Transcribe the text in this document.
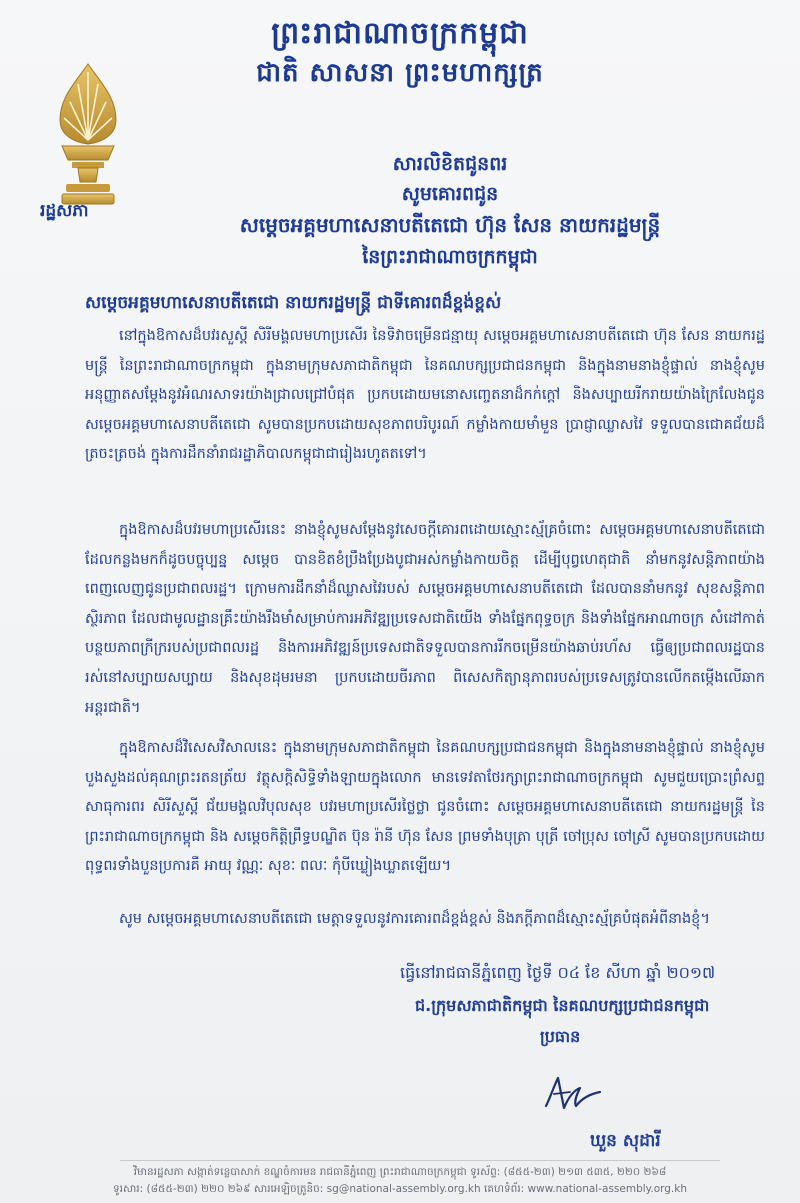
ព្រះរាជាណាចក្រកម្ពុជា
ជាតិ សាសនា ព្រះមហាក្សត្រ
រដ្ឋសភា
សារលិខិតជូនពរ
សូមគោរពជូន
សម្តេចអគ្គមហាសេនាបតីតេជោ ហ៊ុន សែន នាយករដ្ឋមន្ត្រី
នៃព្រះរាជាណាចក្រកម្ពុជា
សម្តេចអគ្គមហាសេនាបតីតេជោ នាយករដ្ឋមន្ត្រី ជាទីគោរពដ៏ខ្ពង់ខ្ពស់
នៅក្នុងឱកាសដ៏បវរសួស្តី សិរីមង្គលមហាប្រសើរ នៃទិវាចម្រើនជន្មាយុ សម្តេចអគ្គមហាសេនាបតីតេជោ ហ៊ុន សែន នាយករដ្ឋមន្ត្រី នៃព្រះរាជាណាចក្រកម្ពុជា ក្នុងនាមក្រុមសភាជាតិកម្ពុជា នៃគណបក្សប្រជាជនកម្ពុជា និងក្នុងនាមនាងខ្ញុំផ្ទាល់ នាងខ្ញុំសូមអនុញ្ញាតសម្តែងនូវអំណរសាទរយ៉ាងជ្រាលជ្រៅបំផុត ប្រកបដោយមនោសញ្ចេតនាដ៏កក់ក្តៅ និងសប្បាយរីករាយយ៉ាងក្រៃលែងជូន សម្តេចអគ្គមហាសេនាបតីតេជោ សូមបានប្រកបដោយសុខភាពបរិបូរណ៍ កម្លាំងកាយមាំមួន ប្រាជ្ញាឈ្លាសវៃ ទទួលបានជោគជ័យដ៏ត្រចះត្រចង់ ក្នុងការដឹកនាំរាជរដ្ឋាភិបាលកម្ពុជាជារៀងរហូតតទៅ។
ក្នុងឱកាសដ៏បវរមហាប្រសើរនេះ នាងខ្ញុំសូមសម្តែងនូវសេចក្តីគោរពដោយស្មោះស្ម័គ្រចំពោះ សម្តេចអគ្គមហាសេនាបតីតេជោ ដែលកន្លងមកក៏ដូចបច្ចុប្បន្ន សម្តេច បានខិតខំប្រឹងប្រែងបូជាអស់កម្លាំងកាយចិត្ត ដើម្បីបុព្វហេតុជាតិ នាំមកនូវសន្តិភាពយ៉ាងពេញលេញជូនប្រជាពលរដ្ឋ។ ក្រោមការដឹកនាំដ៏ឈ្លាសវៃរបស់ សម្តេចអគ្គមហាសេនាបតីតេជោ ដែលបាននាំមកនូវ សុខសន្តិភាព ស្ថិរភាព ដែលជាមូលដ្ឋានគ្រឹះយ៉ាងរឹងមាំសម្រាប់ការអភិវឌ្ឍប្រទេសជាតិយើង ទាំងផ្នែកពុទ្ធចក្រ និងទាំងផ្នែកអាណាចក្រ សំដៅកាត់បន្ថយភាពក្រីក្ររបស់ប្រជាពលរដ្ឋ និងការអភិវឌ្ឍន៍ប្រទេសជាតិទទួលបានការរីកចម្រើនយ៉ាងឆាប់រហ័ស ធ្វើឲ្យប្រជាពលរដ្ឋបានរស់នៅសប្បាយសប្បាយ និងសុខដុមរមនា ប្រកបដោយចីរភាព ពិសេសកិត្យានុភាពរបស់ប្រទេសត្រូវបានលើកតម្កើងលើឆាកអន្តរជាតិ។
ក្នុងឱកាសដ៏វិសេសវិសាលនេះ ក្នុងនាមក្រុមសភាជាតិកម្ពុជា នៃគណបក្សប្រជាជនកម្ពុជា និងក្នុងនាមនាងខ្ញុំផ្ទាល់ នាងខ្ញុំសូមបួងសួងដល់គុណព្រះរតនត្រ័យ វត្ថុសក្តិសិទ្ធិទាំងឡាយក្នុងលោក មានទេវតាថែរក្សាព្រះរាជាណាចក្រកម្ពុជា សូមជួយប្រោះព្រំសព្ទសាធុការពរ សិរីសួស្តី ជ័យមង្គលវិបុលសុខ បវរមហាប្រសើរថ្លៃថ្លា ជូនចំពោះ សម្តេចអគ្គមហាសេនាបតីតេជោ នាយករដ្ឋមន្ត្រី នៃព្រះរាជាណាចក្រកម្ពុជា និង សម្តេចកិត្តិព្រឹទ្ធបណ្ឌិត ប៊ុន រ៉ានី ហ៊ុន សែន ព្រមទាំងបុត្រា បុត្រី ចៅប្រុស ចៅស្រី សូមបានប្រកបដោយពុទ្ធពរទាំងបួនប្រការគឺ អាយុ វណ្ណៈ សុខៈ ពលៈ កុំបីឃ្លៀងឃ្លាតឡើយ។
សូម សម្តេចអគ្គមហាសេនាបតីតេជោ មេត្តាទទួលនូវការគោរពដ៏ខ្ពង់ខ្ពស់ និងភក្តីភាពដ៏ស្មោះស្ម័គ្របំផុតអំពីនាងខ្ញុំ។
ធ្វើនៅរាជធានីភ្នំពេញ ថ្ងៃទី ០៤ ខែ សីហា ឆ្នាំ ២០១៧
ជ.ក្រុមសភាជាតិកម្ពុជា នៃគណបក្សប្រជាជនកម្ពុជា
ប្រធាន
ឃួន សុដារី
វិមានរដ្ឋសភា សង្កាត់ទន្លេបាសាក់ ខណ្ឌចំការមន រាជធានីភ្នំពេញ ព្រះរាជាណាចក្រកម្ពុជា ទូរស័ព្ទ: (៨៥៥-២៣) ២១៣ ៥៣៥, ២២០ ២៦៨
ទូរសារ: (៨៥៥-២៣) ២២០ ២៦៩ សារអេឡិចត្រូនិច: sg@national-assembly.org.kh គេហទំព័រ: www.national-assembly.org.kh
